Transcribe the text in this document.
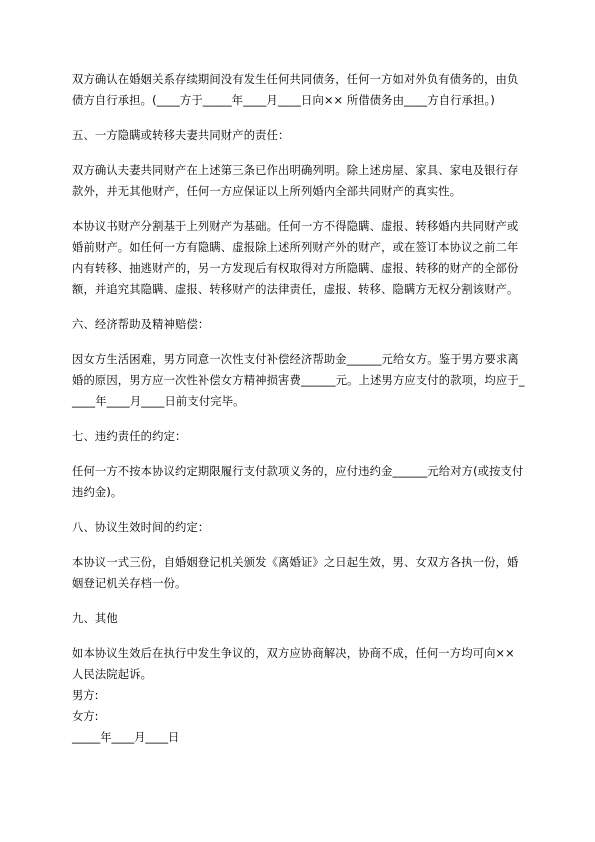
双方确认在婚姻关系存续期间没有发生任何共同债务，任何一方如对外负有债务的，由负债方自行承担。(____方于_____年____月____日向×× 所借债务由____方自行承担。)

五、一方隐瞒或转移夫妻共同财产的责任：

双方确认夫妻共同财产在上述第三条已作出明确列明。除上述房屋、家具、家电及银行存款外，并无其他财产，任何一方应保证以上所列婚内全部共同财产的真实性。

本协议书财产分割基于上列财产为基础。任何一方不得隐瞒、虚报、转移婚内共同财产或婚前财产。如任何一方有隐瞒、虚报除上述所列财产外的财产，或在签订本协议之前二年内有转移、抽逃财产的，另一方发现后有权取得对方所隐瞒、虚报、转移的财产的全部份额，并追究其隐瞒、虚报、转移财产的法律责任，虚报、转移、隐瞒方无权分割该财产。

六、经济帮助及精神赔偿：

因女方生活困难，男方同意一次性支付补偿经济帮助金______元给女方。鉴于男方要求离婚的原因，男方应一次性补偿女方精神损害费______元。上述男方应支付的款项，均应于_____年____月____日前支付完毕。

七、违约责任的约定：

任何一方不按本协议约定期限履行支付款项义务的，应付违约金______元给对方(或按支付违约金)。

八、协议生效时间的约定：

本协议一式三份，自婚姻登记机关颁发《离婚证》之日起生效，男、女双方各执一份，婚姻登记机关存档一份。

九、其他

如本协议生效后在执行中发生争议的，双方应协商解决，协商不成，任何一方均可向×× 人民法院起诉。

男方:

女方:

_____年____月____日
